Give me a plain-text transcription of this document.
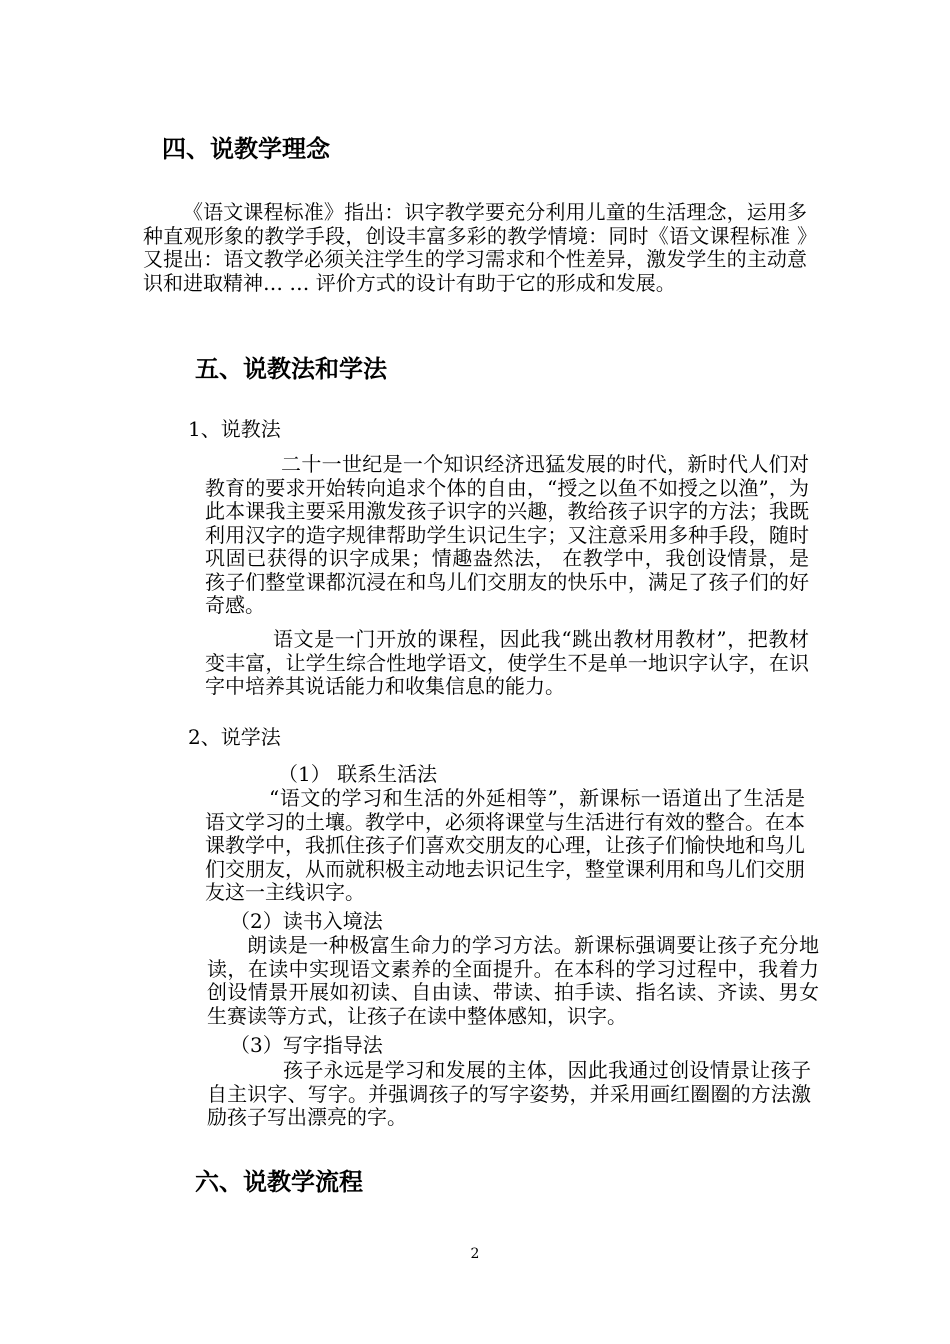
四、说教学理念

《语文课程标准》指出：识字教学要充分利用儿童的生活理念，运用多种直观形象的教学手段，创设丰富多彩的教学情境：同时《语文课程标准 》又提出：语文教学必须关注学生的学习需求和个性差异，激发学生的主动意识和进取精神… … 评价方式的设计有助于它的形成和发展。

五、说教法和学法

1、说教法

二十一世纪是一个知识经济迅猛发展的时代，新时代人们对教育的要求开始转向追求个体的自由，“授之以鱼不如授之以渔”，为此本课我主要采用激发孩子识字的兴趣，教给孩子识字的方法；我既利用汉字的造字规律帮助学生识记生字；又注意采用多种手段，随时巩固已获得的识字成果；情趣盎然法， 在教学中，我创设情景，是孩子们整堂课都沉浸在和鸟儿们交朋友的快乐中，满足了孩子们的好奇感。

语文是一门开放的课程，因此我“跳出教材用教材”，把教材变丰富，让学生综合性地学语文，使学生不是单一地识字认字，在识字中培养其说话能力和收集信息的能力。

2、说学法

（1） 联系生活法

“语文的学习和生活的外延相等”，新课标一语道出了生活是语文学习的土壤。教学中，必须将课堂与生活进行有效的整合。在本课教学中，我抓住孩子们喜欢交朋友的心理，让孩子们愉快地和鸟儿们交朋友，从而就积极主动地去识记生字，整堂课利用和鸟儿们交朋友这一主线识字。

（2）读书入境法

朗读是一种极富生命力的学习方法。新课标强调要让孩子充分地读，在读中实现语文素养的全面提升。在本科的学习过程中，我着力创设情景开展如初读、自由读、带读、拍手读、指名读、齐读、男女生赛读等方式，让孩子在读中整体感知，识字。

（3）写字指导法

孩子永远是学习和发展的主体，因此我通过创设情景让孩子自主识字、写字。并强调孩子的写字姿势，并采用画红圈圈的方法激励孩子写出漂亮的字。

六、说教学流程
2
